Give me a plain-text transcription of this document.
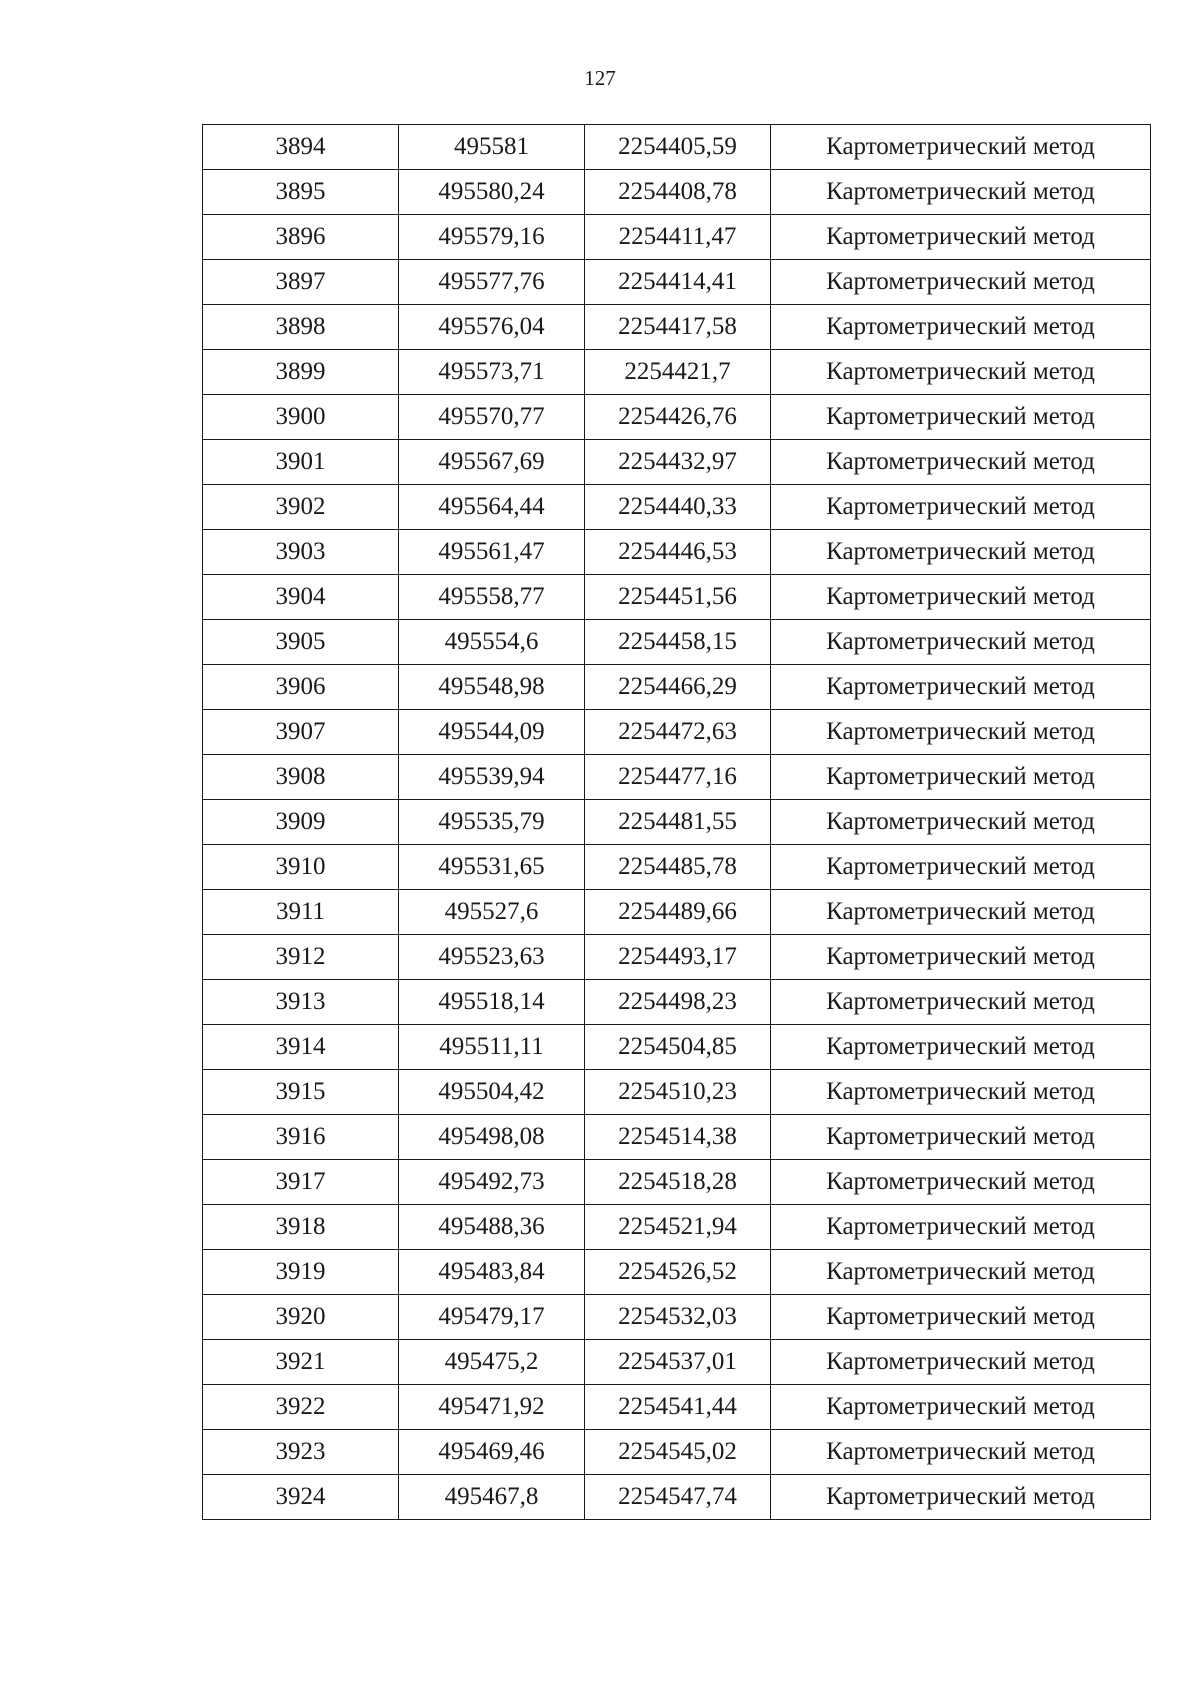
127
3894	495581	2254405,59	Картометрический метод
3895	495580,24	2254408,78	Картометрический метод
3896	495579,16	2254411,47	Картометрический метод
3897	495577,76	2254414,41	Картометрический метод
3898	495576,04	2254417,58	Картометрический метод
3899	495573,71	2254421,7	Картометрический метод
3900	495570,77	2254426,76	Картометрический метод
3901	495567,69	2254432,97	Картометрический метод
3902	495564,44	2254440,33	Картометрический метод
3903	495561,47	2254446,53	Картометрический метод
3904	495558,77	2254451,56	Картометрический метод
3905	495554,6	2254458,15	Картометрический метод
3906	495548,98	2254466,29	Картометрический метод
3907	495544,09	2254472,63	Картометрический метод
3908	495539,94	2254477,16	Картометрический метод
3909	495535,79	2254481,55	Картометрический метод
3910	495531,65	2254485,78	Картометрический метод
3911	495527,6	2254489,66	Картометрический метод
3912	495523,63	2254493,17	Картометрический метод
3913	495518,14	2254498,23	Картометрический метод
3914	495511,11	2254504,85	Картометрический метод
3915	495504,42	2254510,23	Картометрический метод
3916	495498,08	2254514,38	Картометрический метод
3917	495492,73	2254518,28	Картометрический метод
3918	495488,36	2254521,94	Картометрический метод
3919	495483,84	2254526,52	Картометрический метод
3920	495479,17	2254532,03	Картометрический метод
3921	495475,2	2254537,01	Картометрический метод
3922	495471,92	2254541,44	Картометрический метод
3923	495469,46	2254545,02	Картометрический метод
3924	495467,8	2254547,74	Картометрический метод
